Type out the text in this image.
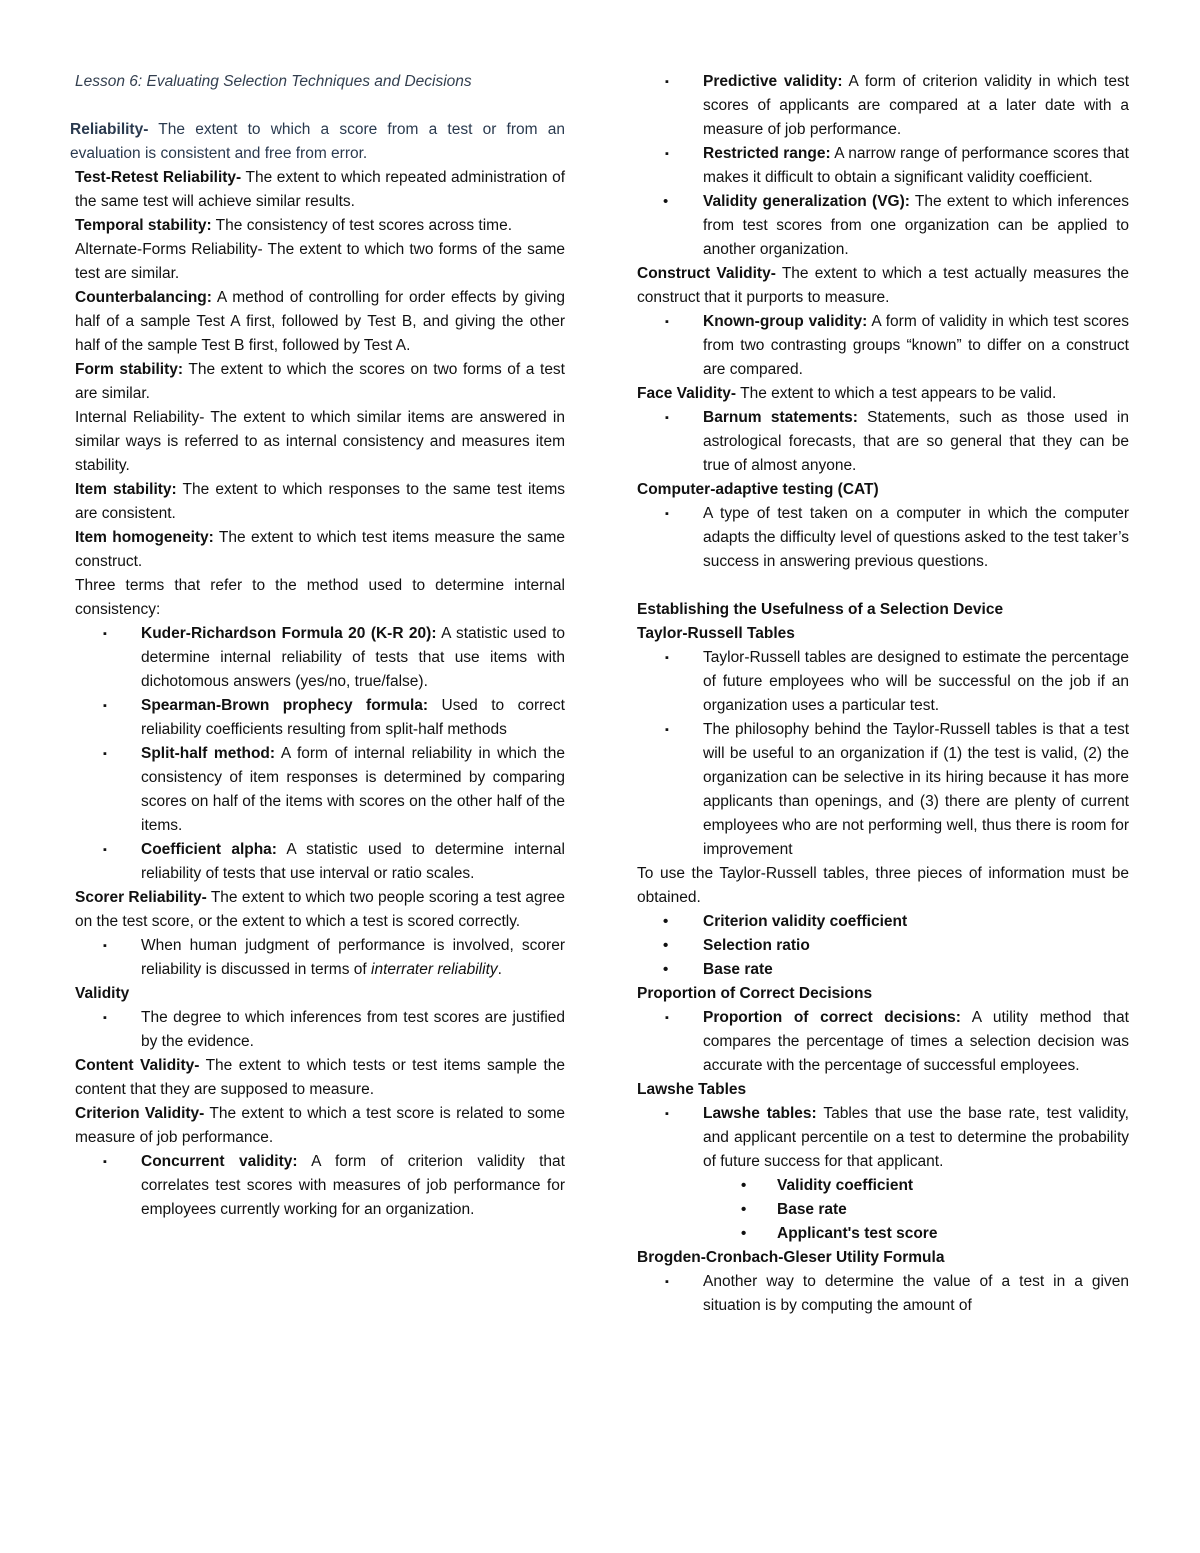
Lesson 6: Evaluating Selection Techniques and Decisions

Reliability- The extent to which a score from a test or from an evaluation is consistent and free from error.

Test-Retest Reliability- The extent to which repeated administration of the same test will achieve similar results.

Temporal stability: The consistency of test scores across time.

Alternate-Forms Reliability- The extent to which two forms of the same test are similar.

Counterbalancing: A method of controlling for order effects by giving half of a sample Test A first, followed by Test B, and giving the other half of the sample Test B first, followed by Test A.

Form stability: The extent to which the scores on two forms of a test are similar.

Internal Reliability- The extent to which similar items are answered in similar ways is referred to as internal consistency and measures item stability.

Item stability: The extent to which responses to the same test items are consistent.

Item homogeneity: The extent to which test items measure the same construct.

Three terms that refer to the method used to determine internal consistency:

▪ Kuder-Richardson Formula 20 (K-R 20): A statistic used to determine internal reliability of tests that use items with dichotomous answers (yes/no, true/false).

▪ Spearman-Brown prophecy formula: Used to correct reliability coefficients resulting from split-half methods

▪ Split-half method: A form of internal reliability in which the consistency of item responses is determined by comparing scores on half of the items with scores on the other half of the items.

▪ Coefficient alpha: A statistic used to determine internal reliability of tests that use interval or ratio scales.

Scorer Reliability- The extent to which two people scoring a test agree on the test score, or the extent to which a test is scored correctly.

▪ When human judgment of performance is involved, scorer reliability is discussed in terms of interrater reliability.

Validity

▪ The degree to which inferences from test scores are justified by the evidence.

Content Validity- The extent to which tests or test items sample the content that they are supposed to measure.

Criterion Validity- The extent to which a test score is related to some measure of job performance.

▪ Concurrent validity: A form of criterion validity that correlates test scores with measures of job performance for employees currently working for an organization.

▪ Predictive validity: A form of criterion validity in which test scores of applicants are compared at a later date with a measure of job performance.

▪ Restricted range: A narrow range of performance scores that makes it difficult to obtain a significant validity coefficient.

• Validity generalization (VG): The extent to which inferences from test scores from one organization can be applied to another organization.

Construct Validity- The extent to which a test actually measures the construct that it purports to measure.

▪ Known-group validity: A form of validity in which test scores from two contrasting groups “known” to differ on a construct are compared.

Face Validity- The extent to which a test appears to be valid.

▪ Barnum statements: Statements, such as those used in astrological forecasts, that are so general that they can be true of almost anyone.

Computer-adaptive testing (CAT)

▪ A type of test taken on a computer in which the computer adapts the difficulty level of questions asked to the test taker’s success in answering previous questions.

Establishing the Usefulness of a Selection Device

Taylor-Russell Tables

▪ Taylor-Russell tables are designed to estimate the percentage of future employees who will be successful on the job if an organization uses a particular test.

▪ The philosophy behind the Taylor-Russell tables is that a test will be useful to an organization if (1) the test is valid, (2) the organization can be selective in its hiring because it has more applicants than openings, and (3) there are plenty of current employees who are not performing well, thus there is room for improvement

To use the Taylor-Russell tables, three pieces of information must be obtained.

• Criterion validity coefficient

• Selection ratio

• Base rate

Proportion of Correct Decisions

▪ Proportion of correct decisions: A utility method that compares the percentage of times a selection decision was accurate with the percentage of successful employees.

Lawshe Tables

▪ Lawshe tables: Tables that use the base rate, test validity, and applicant percentile on a test to determine the probability of future success for that applicant.

• Validity coefficient

• Base rate

• Applicant's test score

Brogden-Cronbach-Gleser Utility Formula

▪ Another way to determine the value of a test in a given situation is by computing the amount of
